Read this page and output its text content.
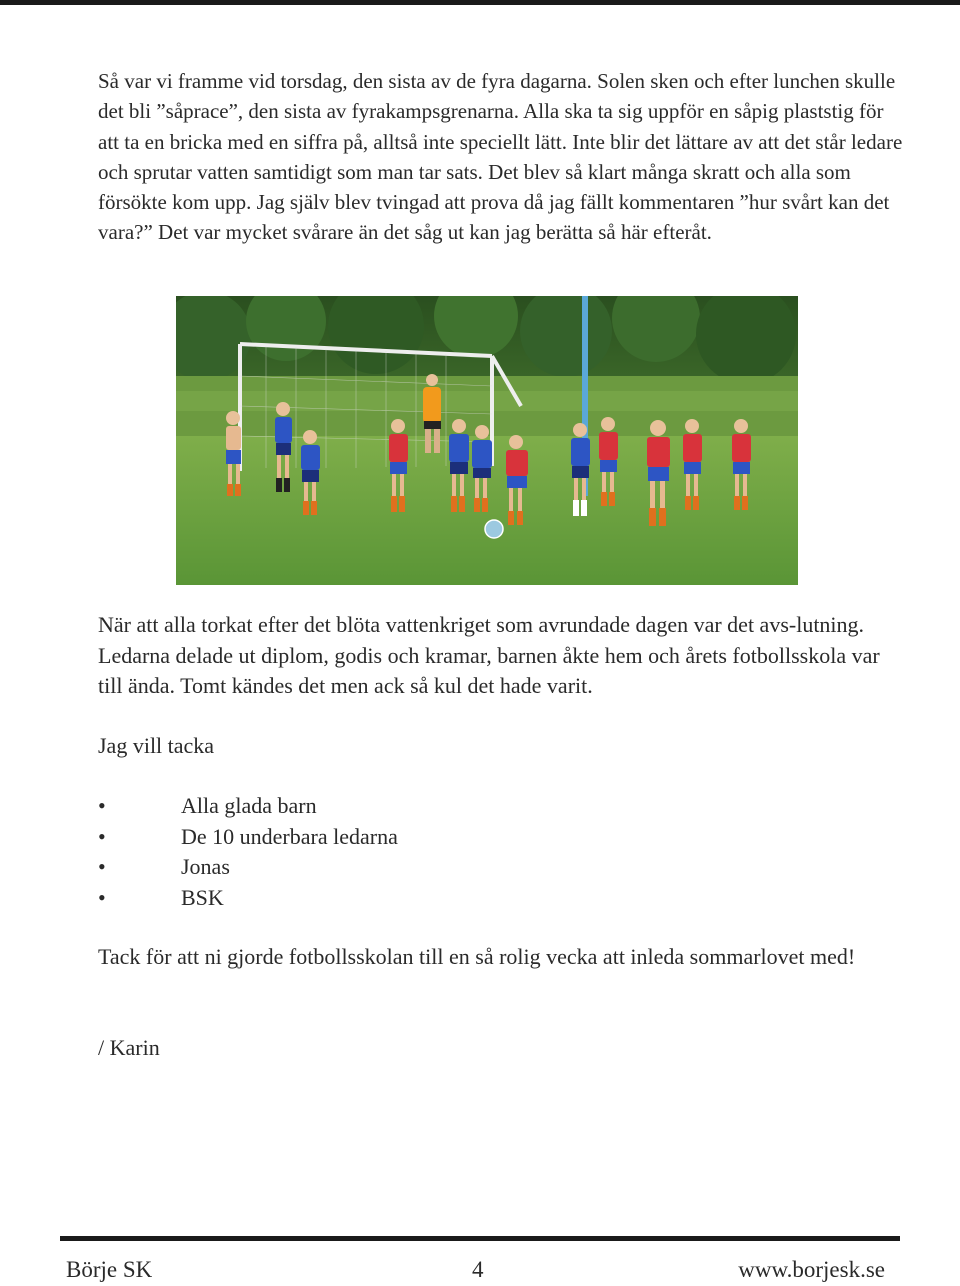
Så var vi framme vid torsdag, den sista av de fyra dagarna. Solen sken och efter lunchen skulle det bli ”såprace”, den sista av fyrakampsgrenarna. Alla ska ta sig uppför en såpig plaststig för att ta en bricka med en siffra på, alltså inte speciellt lätt. Inte blir det lättare av att det står ledare och sprutar vatten samtidigt som man tar sats. Det blev så klart många skratt och alla som försökte kom upp. Jag själv blev tvingad att prova då jag fällt kommentaren ”hur svårt kan det vara?” Det var mycket svårare än det såg ut kan jag berätta så här efteråt.

När att alla torkat efter det blöta vattenkriget som avrundade dagen var det avs-lutning. Ledarna delade ut diplom, godis och kramar, barnen åkte hem och årets fotbollsskola var till ända. Tomt kändes det men ack så kul det hade varit.

Jag vill tacka

•	Alla glada barn
•	De 10 underbara ledarna
•	Jonas
•	BSK

Tack för att ni gjorde fotbollsskolan till en så rolig vecka att inleda sommarlovet med!

/ Karin

Börje SK	4	www.borjesk.se
